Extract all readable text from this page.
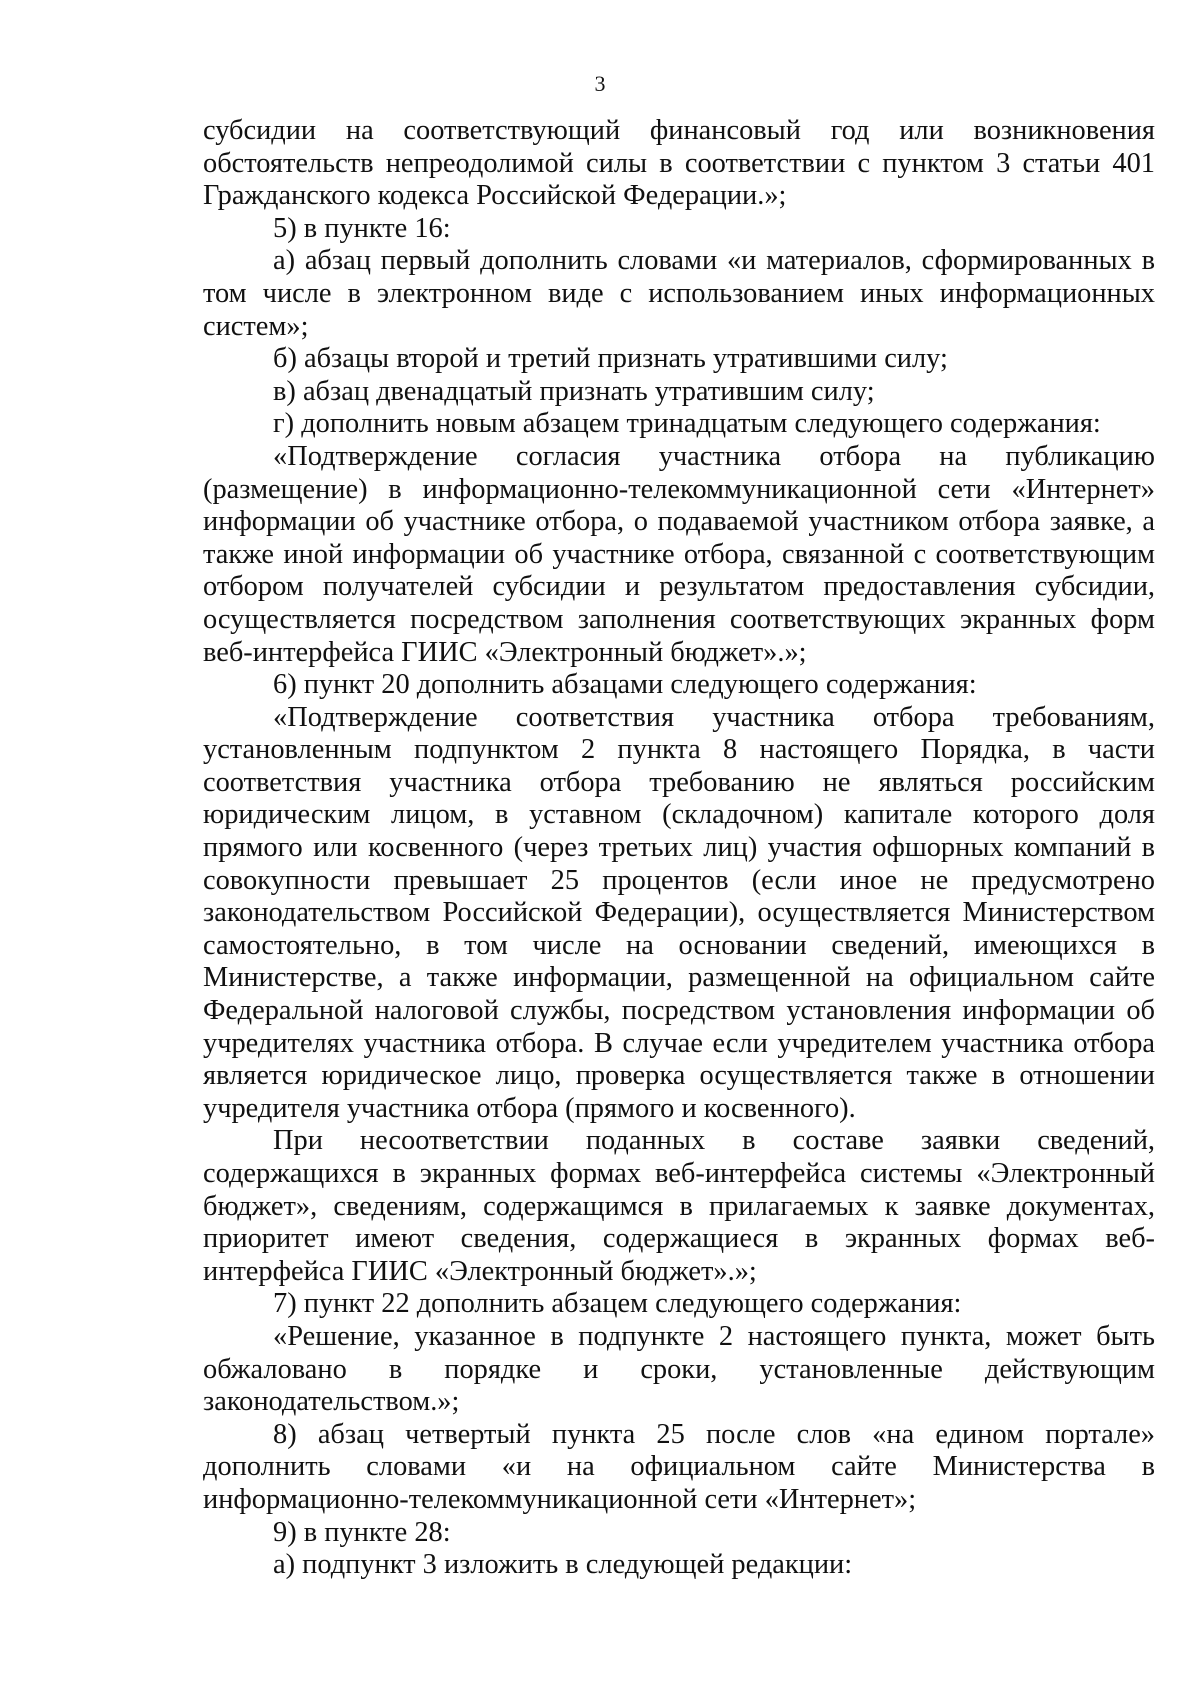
3

субсидии на соответствующий финансовый год или возникновения обстоятельств непреодолимой силы в соответствии с пунктом 3 статьи 401 Гражданского кодекса Российской Федерации.»;

5) в пункте 16:

а) абзац первый дополнить словами «и материалов, сформированных в том числе в электронном виде с использованием иных информационных систем»;

б) абзацы второй и третий признать утратившими силу;

в) абзац двенадцатый признать утратившим силу;

г) дополнить новым абзацем тринадцатым следующего содержания:

«Подтверждение согласия участника отбора на публикацию (размещение) в информационно-телекоммуникационной сети «Интернет» информации об участнике отбора, о подаваемой участником отбора заявке, а также иной информации об участнике отбора, связанной с соответствующим отбором получателей субсидии и результатом предоставления субсидии, осуществляется посредством заполнения соответствующих экранных форм веб-интерфейса ГИИС «Электронный бюджет».»;

6) пункт 20 дополнить абзацами следующего содержания:

«Подтверждение соответствия участника отбора требованиям, установленным подпунктом 2 пункта 8 настоящего Порядка, в части соответствия участника отбора требованию не являться российским юридическим лицом, в уставном (складочном) капитале которого доля прямого или косвенного (через третьих лиц) участия офшорных компаний в совокупности превышает 25 процентов (если иное не предусмотрено законодательством Российской Федерации), осуществляется Министерством самостоятельно, в том числе на основании сведений, имеющихся в Министерстве, а также информации, размещенной на официальном сайте Федеральной налоговой службы, посредством установления информации об учредителях участника отбора. В случае если учредителем участника отбора является юридическое лицо, проверка осуществляется также в отношении учредителя участника отбора (прямого и косвенного).

При несоответствии поданных в составе заявки сведений, содержащихся в экранных формах веб-интерфейса системы «Электронный бюджет», сведениям, содержащимся в прилагаемых к заявке документах, приоритет имеют сведения, содержащиеся в экранных формах веб-интерфейса ГИИС «Электронный бюджет».»;

7) пункт 22 дополнить абзацем следующего содержания:

«Решение, указанное в подпункте 2 настоящего пункта, может быть обжаловано в порядке и сроки, установленные действующим законодательством.»;

8) абзац четвертый пункта 25 после слов «на едином портале» дополнить словами «и на официальном сайте Министерства в информационно-телекоммуникационной сети «Интернет»;

9) в пункте 28:

а) подпункт 3 изложить в следующей редакции:
